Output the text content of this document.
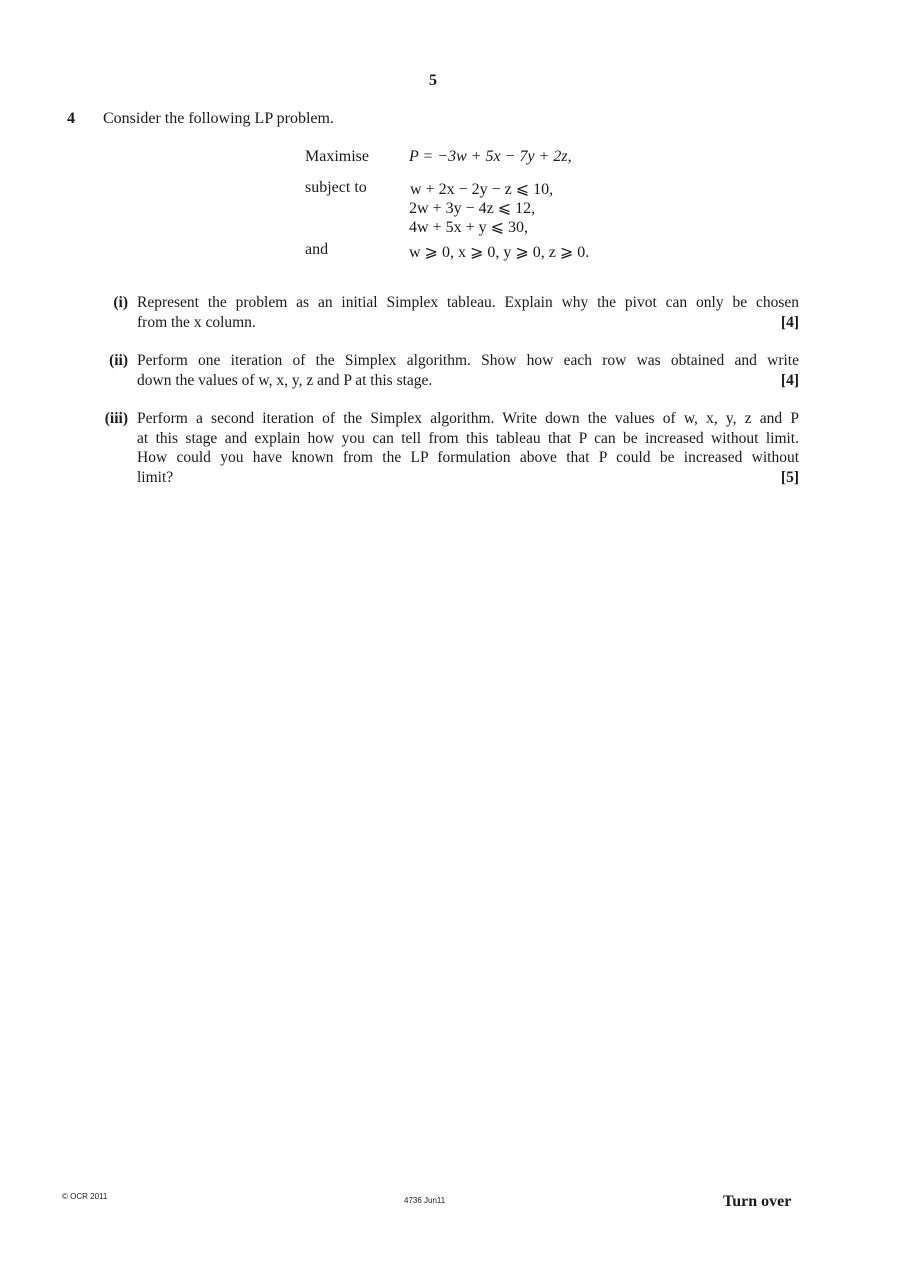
5
4 Consider the following LP problem.
Maximise	P = −3w + 5x − 7y + 2z,
subject to	w + 2x − 2y − z ⩽ 10,
2w + 3y − 4z ⩽ 12,
4w + 5x + y ⩽ 30,
and	w ⩾ 0, x ⩾ 0, y ⩾ 0, z ⩾ 0.
(i) Represent the problem as an initial Simplex tableau. Explain why the pivot can only be chosen
from the x column.	[4]
(ii) Perform one iteration of the Simplex algorithm. Show how each row was obtained and write
down the values of w, x, y, z and P at this stage.	[4]
(iii) Perform a second iteration of the Simplex algorithm. Write down the values of w, x, y, z and P
at this stage and explain how you can tell from this tableau that P can be increased without limit.
How could you have known from the LP formulation above that P could be increased without
limit?	[5]
© OCR 2011	4736 Jun11	Turn over
